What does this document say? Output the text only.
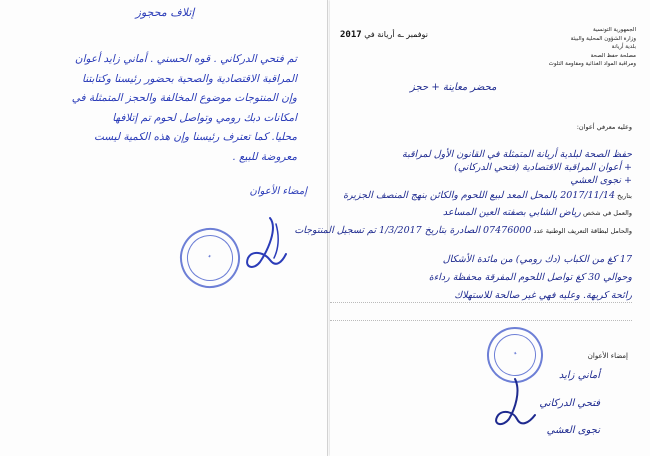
إتلاف محجوز
تم فتحي الدركاني . قوه الحسني . أماني زايد أعوان
المراقبة الاقتصادية والصحية بحضور رئيسنا وكتابتنا
وإن المنتوجات موضوع المخالفة والحجز المتمثلة في
امكانات دبك رومي وتواصل لحوم تم إتلافها
محليا. كما تعترف رئيسنا وإن هذه الكمية ليست
معروضة للبيع .
إمضاء الأعوان
✦
الجمهورية التونسية
وزارة الشؤون المحلية والبيئة
بلدية أريانة
مصلحة حفظ الصحة
ومراقبة المواد الغذائية ومقاومة التلوث
2017	نوفمبر ـه أريانة في
محضر معاينة + حجز
وعليه معرفي أعوان:
حفظ الصحة لبلدية أريانة المتمثلة في القانون الأول لمراقبة
+ أعوان المراقبة الاقتصادية (فتحي الدركاني)
+ نجوى العشي
بتاريخ 2017/11/14 بالمحل المعد لبيع اللحوم والكائن بنهج المنصف الجزيرة
والعمل في شخص رياض الشابي بصفته العين المساعد
والحامل لبطاقة التعريف الوطنية عدد 07476000 الصادرة بتاريخ 1/3/2017 تم تسجيل المنتوجات
17 كغ من الكباب (دك رومي) من مائدة الأشكال
وحوالي 30 كغ تواصل اللحوم المفرقة محفظة رداءة
رائحة كريهة. وعليه فهي غير صالحة للاستهلاك
إمضاء الأعوان
✦
أماني زايد
فتحي الدركاني
نجوى العشي
